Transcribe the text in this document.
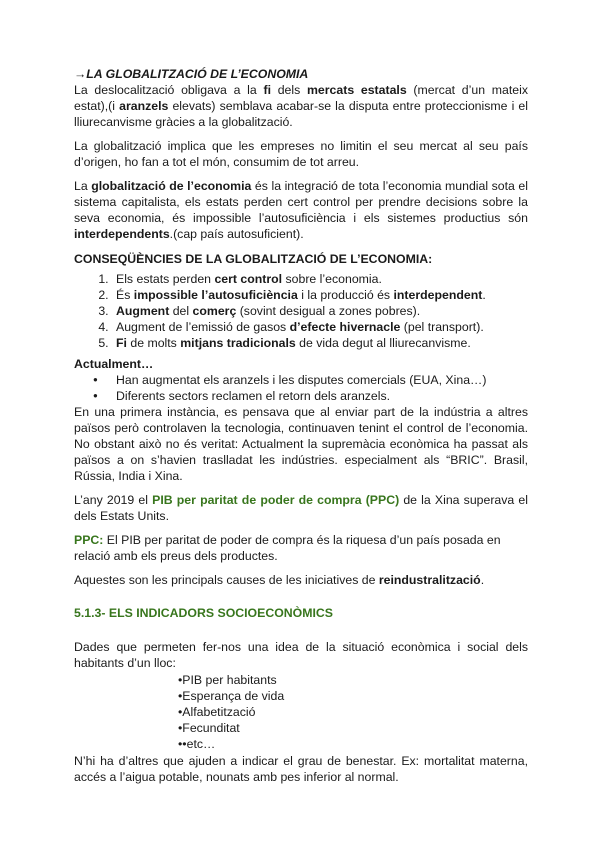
→LA GLOBALITZACIÓ DE L’ECONOMIA

La deslocalització obligava a la fi dels mercats estatals (mercat d’un mateix estat),(i aranzels elevats) semblava acabar-se la disputa entre proteccionisme i el lliurecanvisme gràcies a la globalització.

La globalització implica que les empreses no limitin el seu mercat al seu país d’origen, ho fan a tot el món, consumim de tot arreu.

La globalització de l’economia és la integració de tota l’economia mundial sota el sistema capitalista, els estats perden cert control per prendre decisions sobre la seva economia, és impossible l’autosuficiència i els sistemes productius són interdependents.(cap país autosuficient).

CONSEQÜÈNCIES DE LA GLOBALITZACIÓ DE L’ECONOMIA:

1. Els estats perden cert control sobre l’economia.
2. És impossible l’autosuficiència i la producció és interdependent.
3. Augment del comerç (sovint desigual a zones pobres).
4. Augment de l’emissió de gasos d’efecte hivernacle (pel transport).
5. Fi de molts mitjans tradicionals de vida degut al lliurecanvisme.

Actualment…

● Han augmentat els aranzels i les disputes comercials (EUA, Xina…)
● Diferents sectors reclamen el retorn dels aranzels.

En una primera instància, es pensava que al enviar part de la indústria a altres països però controlaven la tecnologia, continuaven tenint el control de l’economia. No obstant això no és veritat: Actualment la supremàcia econòmica ha passat als països a on s’havien traslladat les indústries. especialment als “BRIC”. Brasil, Rússia, India i Xina.

L’any 2019 el PIB per paritat de poder de compra (PPC) de la Xina superava el dels Estats Units.

PPC: El PIB per paritat de poder de compra és la riquesa d’un país posada en relació amb els preus dels productes.

Aquestes son les principals causes de les iniciatives de reindustralització.

5.1.3- ELS INDICADORS SOCIOECONÒMICS

Dades que permeten fer-nos una idea de la situació econòmica i social dels habitants d’un lloc:

•PIB per habitants
•Esperança de vida
•Alfabetització
•Fecunditat
••etc…

N’hi ha d’altres que ajuden a indicar el grau de benestar. Ex: mortalitat materna, accés a l’aigua potable, nounats amb pes inferior al normal.
